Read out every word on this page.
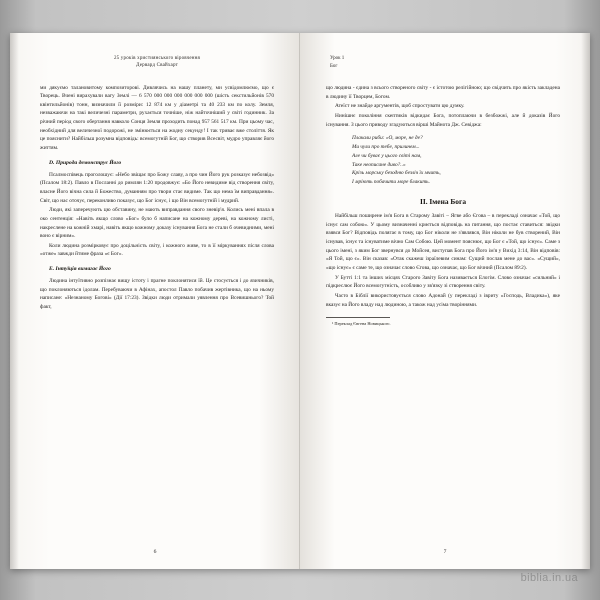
25 уроків християнського віровчення
Дервард Свайхарт

ми дякуємо талановитому композиторові. Дивлячись на нашу планету, ми усвідомлюємо, що є Творець. Вчені вирахували вагу Землі — 6 570 000 000 000 000 000 000 (шість секстильйонів 570 квінтильйонів) тонн, визначили її розміри: 12 874 км у діаметрі та 40 233 км по колу. Земля, незважаючи на такі величезні параметри, рухається точніше, ніж найточніший у світі годинник. За річний період свого обертання навколо Сонця Земля проходить понад 957 561 517 км. При цьому час, необхідний для величезної подорожі, не змінюється на жодну секунду! І так триває вже століття. Як це пояснити? Найбільш розумна відповідь: всемогутній Бог, що створив Всесвіт, мудро управляє його життям.

D. Природа демонструє Його

Псалмоспівець проголошує: «Небо звіщає про Божу славу, а про чин Його рук розказує небозвід» (Псалом 18:2). Павло в Посланні до римлян 1:20 продовжує: «Бо Його невидиме від створення світу, власне Його вічна сила й Божество, думанням про твори стає видиме. Так що нема їм виправдання». Світ, що нас оточує, переконливо показує, що Бог існує, і що Він всемогутній і мудрий.

Люди, які заперечують цю обставину, не мають виправдання свого зневір'я. Колись мені впала в око сентенція: «Навіть якщо слово «Бог» було б написане на кожному дереві, на кожному листі, накреслене на кожній хмарі, навіть якщо кожному доказу існування Бога не стали б очевидними, мені воно є вірним».

Коли людина розмірковує про доцільність світу, і кожного живе, то в її міркуваннях після слова «отже» завжди йтиме фраза «є Бог».

E. Інтуїція вимагає Його

Людина інтуїтивно розпізнає вищу істоту і прагне поклонятися їй. Це стосується і до язичників, що поклоняються ідолам. Перебуваючи в Афінах, апостол Павло побачив жертівника, що на ньому написане: «Незнаному Богові» (Дії 17:23). Звідки люди отримали уявлення про Всевишнього? Той факт,

6
Урок 1
Бог

що людина - єдина з всього створеного світу - є істотою релігійною; що свідчить про якість закладена в людину її Творцем, Богом.

Атеїст не знайде аргументів, щоб спростувати цю думку.

Нинішнє покоління скептиків відкидає Бога, потоплаючи в безбожжі, але й доказів Його існування. З цього приводу згадуються вірші Майнота Дж. Севіджа:

Плакали риби: «О, море, не де?
Ми чули про тебе, прилинем...
Але чи буває у цього світі нам,
Таке неописане диво?..»
Крізь морську безодню безліч їх мчить,
І мріють побачити море блакить.
II. Імена Бога

Найбільш поширене ім'я Бога в Старому Завіті – Ягве або Єгова – в перекладі означає «Той, що існує сам собою». У цьому визначенні криється відповідь на питання, що постає ставиться: звідки взявся Бог? Відповідь полягає в тому, що Бог ніколи не з'являвся, Він ніколи не був створений, Він існував, існує та існуватиме вічно Сам Собою. Цей момент пояснює, що Бог є «Той, що існує». Саме з цього імені, з яким Бог звернувся до Мойсея, виступав Бога про Його ім'я у Вихід 3:14, Він відповів: «Я Той, що є». Він сказав: «Отак скажеш ізраїлевим синам: Сущий послав мене до вас». «Сущий», «що існує» є саме те, що означає слово Єгова, що означає, що Бог вічний (Псалом 89:2).

У Бутті 1:1 та інших місцях Старого Завіту Бога називається Елогім. Слово означає «сильний» і підкреслює Його всемогутність, особливо у зв'язку зі створення світу.

Часто в Біблії використовується слово Адонай (у перекладі з івриту «Господь, Владика»), яке вказує на Його владу над людиною, а також над усіма творіннями.

¹ Переклад Євгена Новицького.
7
biblia.in.ua
